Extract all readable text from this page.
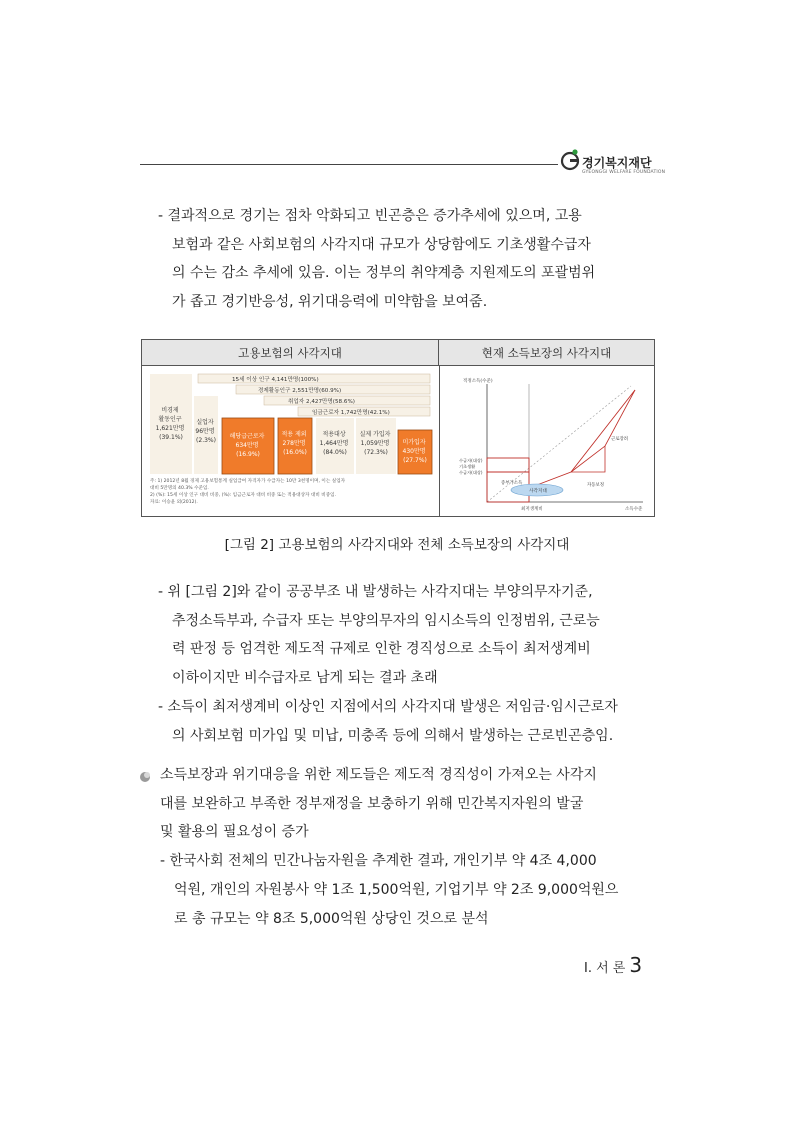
경기복지재단
GYEONGGI WELFARE FOUNDATION
- 결과적으로 경기는 점차 악화되고 빈곤층은 증가추세에 있으며, 고용
보험과 같은 사회보험의 사각지대 규모가 상당함에도 기초생활수급자
의 수는 감소 추세에 있음. 이는 정부의 취약계층 지원제도의 포괄범위
가 좁고 경기반응성, 위기대응력에 미약함을 보여줌.
고용보험의 사각지대	현재 소득보장의 사각지대
15세 이상 인구 4,141만명(100%)
경제활동인구 2,551만명(60.9%)
취업자 2,427만명(58.6%)
임금근로자 1,742만명(42.1%)
비경제 활동인구 1,621만명 (39.1%)
실업자 96만명 (2.3%)
해당급근로자 634만명 (16.9%)
적용 제외 278만명 (16.0%)
적용대상 1,464만명 (84.0%)
실제 가입자 1,059만명 (72.3%)
미가입자 430만명 (27.7%)
주: 1) 2012년 8월 경제 고용보험통계 실업급여 자격자가 수급자는 10만 3천명이며, 이는 실업자 대비 5만명의 40.3% 수준임. 2) (%): 15세 이상 인구 대비 비중, (%): 임금근로자 대비 비중 또는 적용대상자 대비 비중임. 자료: 이승윤 외(2012).
적정소득(수준)
소득수준
최저생계비
수급자(대상) 기초생활 수급자(대상)
사각지대
증부가소득	자동보정
근로장려
[그림 2] 고용보험의 사각지대와 전체 소득보장의 사각지대
- 위 [그림 2]와 같이 공공부조 내 발생하는 사각지대는 부양의무자기준,
추정소득부과, 수급자 또는 부양의무자의 임시소득의 인정범위, 근로능
력 판정 등 엄격한 제도적 규제로 인한 경직성으로 소득이 최저생계비
이하이지만 비수급자로 남게 되는 결과 초래
- 소득이 최저생계비 이상인 지점에서의 사각지대 발생은 저임금·임시근로자
의 사회보험 미가입 및 미납, 미충족 등에 의해서 발생하는 근로빈곤층임.
소득보장과 위기대응을 위한 제도들은 제도적 경직성이 가져오는 사각지
대를 보완하고 부족한 정부재정을 보충하기 위해 민간복지자원의 발굴
및 활용의 필요성이 증가
- 한국사회 전체의 민간나눔자원을 추계한 결과, 개인기부 약 4조 4,000
억원, 개인의 자원봉사 약 1조 1,500억원, 기업기부 약 2조 9,000억원으
로 총 규모는 약 8조 5,000억원 상당인 것으로 분석
Ⅰ. 서 론 3
